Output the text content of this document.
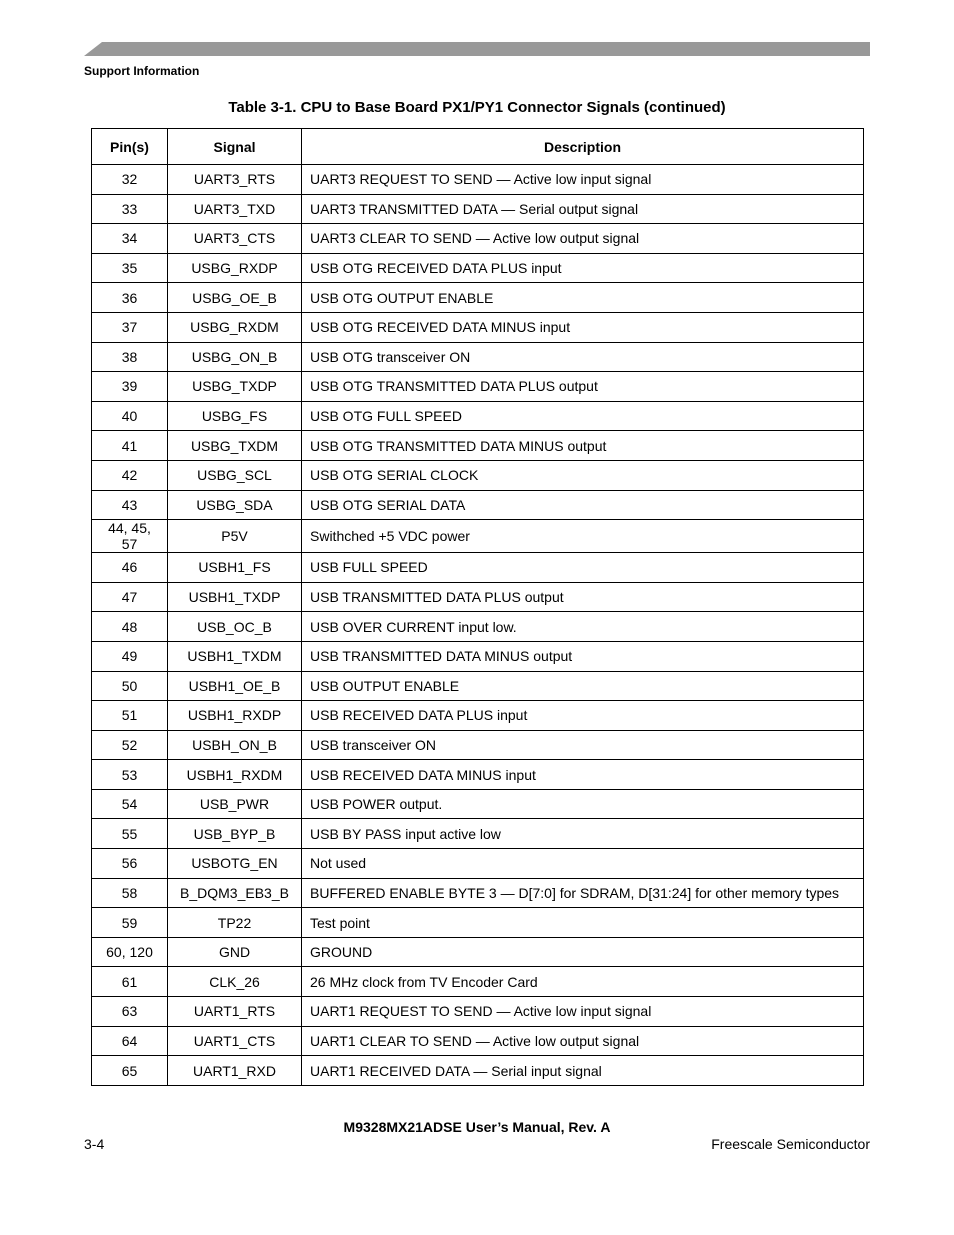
Support Information
Table 3-1. CPU to Base Board PX1/PY1 Connector Signals (continued)
Pin(s)	Signal	Description
32	UART3_RTS	UART3 REQUEST TO SEND — Active low input signal
33	UART3_TXD	UART3 TRANSMITTED DATA — Serial output signal
34	UART3_CTS	UART3 CLEAR TO SEND — Active low output signal
35	USBG_RXDP	USB OTG RECEIVED DATA PLUS input
36	USBG_OE_B	USB OTG OUTPUT ENABLE
37	USBG_RXDM	USB OTG RECEIVED DATA MINUS input
38	USBG_ON_B	USB OTG transceiver ON
39	USBG_TXDP	USB OTG TRANSMITTED DATA PLUS output
40	USBG_FS	USB OTG FULL SPEED
41	USBG_TXDM	USB OTG TRANSMITTED DATA MINUS output
42	USBG_SCL	USB OTG SERIAL CLOCK
43	USBG_SDA	USB OTG SERIAL DATA
44, 45, 57	P5V	Swithched +5 VDC power
46	USBH1_FS	USB FULL SPEED
47	USBH1_TXDP	USB TRANSMITTED DATA PLUS output
48	USB_OC_B	USB OVER CURRENT input low.
49	USBH1_TXDM	USB TRANSMITTED DATA MINUS output
50	USBH1_OE_B	USB OUTPUT ENABLE
51	USBH1_RXDP	USB RECEIVED DATA PLUS input
52	USBH_ON_B	USB transceiver ON
53	USBH1_RXDM	USB RECEIVED DATA MINUS input
54	USB_PWR	USB POWER output.
55	USB_BYP_B	USB BY PASS input active low
56	USBOTG_EN	Not used
58	B_DQM3_EB3_B	BUFFERED ENABLE BYTE 3 — D[7:0] for SDRAM, D[31:24] for other memory types
59	TP22	Test point
60, 120	GND	GROUND
61	CLK_26	26 MHz clock from TV Encoder Card
63	UART1_RTS	UART1 REQUEST TO SEND — Active low input signal
64	UART1_CTS	UART1 CLEAR TO SEND — Active low output signal
65	UART1_RXD	UART1 RECEIVED DATA — Serial input signal
M9328MX21ADSE User’s Manual, Rev. A
3-4	Freescale Semiconductor
